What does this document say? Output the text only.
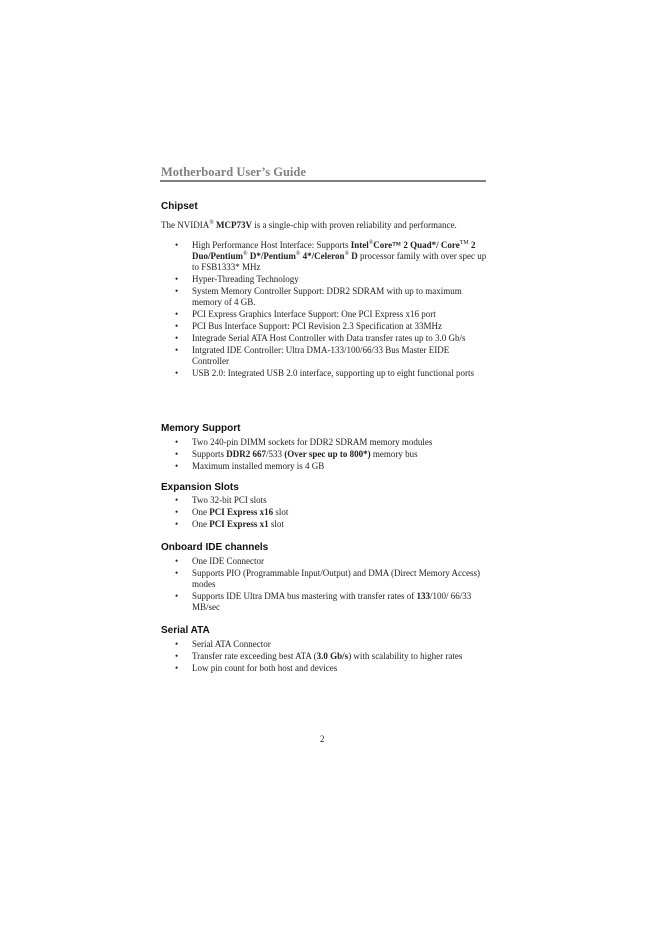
Motherboard User’s Guide
Chipset
The NVIDIA® MCP73V is a single-chip with proven reliability and performance.
• High Performance Host Interface: Supports Intel®Core™ 2 Quad*/ Core™ 2 Duo/Pentium® D*/Pentium® 4*/Celeron® D processor family with over spec up to FSB1333* MHz
• Hyper-Threading Technology
• System Memory Controller Support: DDR2 SDRAM with up to maximum memory of 4 GB.
• PCI Express Graphics Interface Support: One PCI Express x16 port
• PCI Bus Interface Support: PCI Revision 2.3 Specification at 33MHz
• Integrade Serial ATA Host Controller with Data transfer rates up to 3.0 Gb/s
• Intgrated IDE Controller: Ultra DMA-133/100/66/33 Bus Master EIDE Controller
• USB 2.0: Integrated USB 2.0 interface, supporting up to eight functional ports
Memory Support
• Two 240-pin DIMM sockets for DDR2 SDRAM memory modules
• Supports DDR2 667/533 (Over spec up to 800*) memory bus
• Maximum installed memory is 4 GB
Expansion Slots
• Two 32-bit PCI slots
• One PCI Express x16 slot
• One PCI Express x1 slot
Onboard IDE channels
• One IDE Connector
• Supports PIO (Programmable Input/Output) and DMA (Direct Memory Access) modes
• Supports IDE Ultra DMA bus mastering with transfer rates of 133/100/ 66/33 MB/sec
Serial ATA
• Serial ATA Connector
• Transfer rate exceeding best ATA (3.0 Gb/s) with scalability to higher rates
• Low pin count for both host and devices
2
